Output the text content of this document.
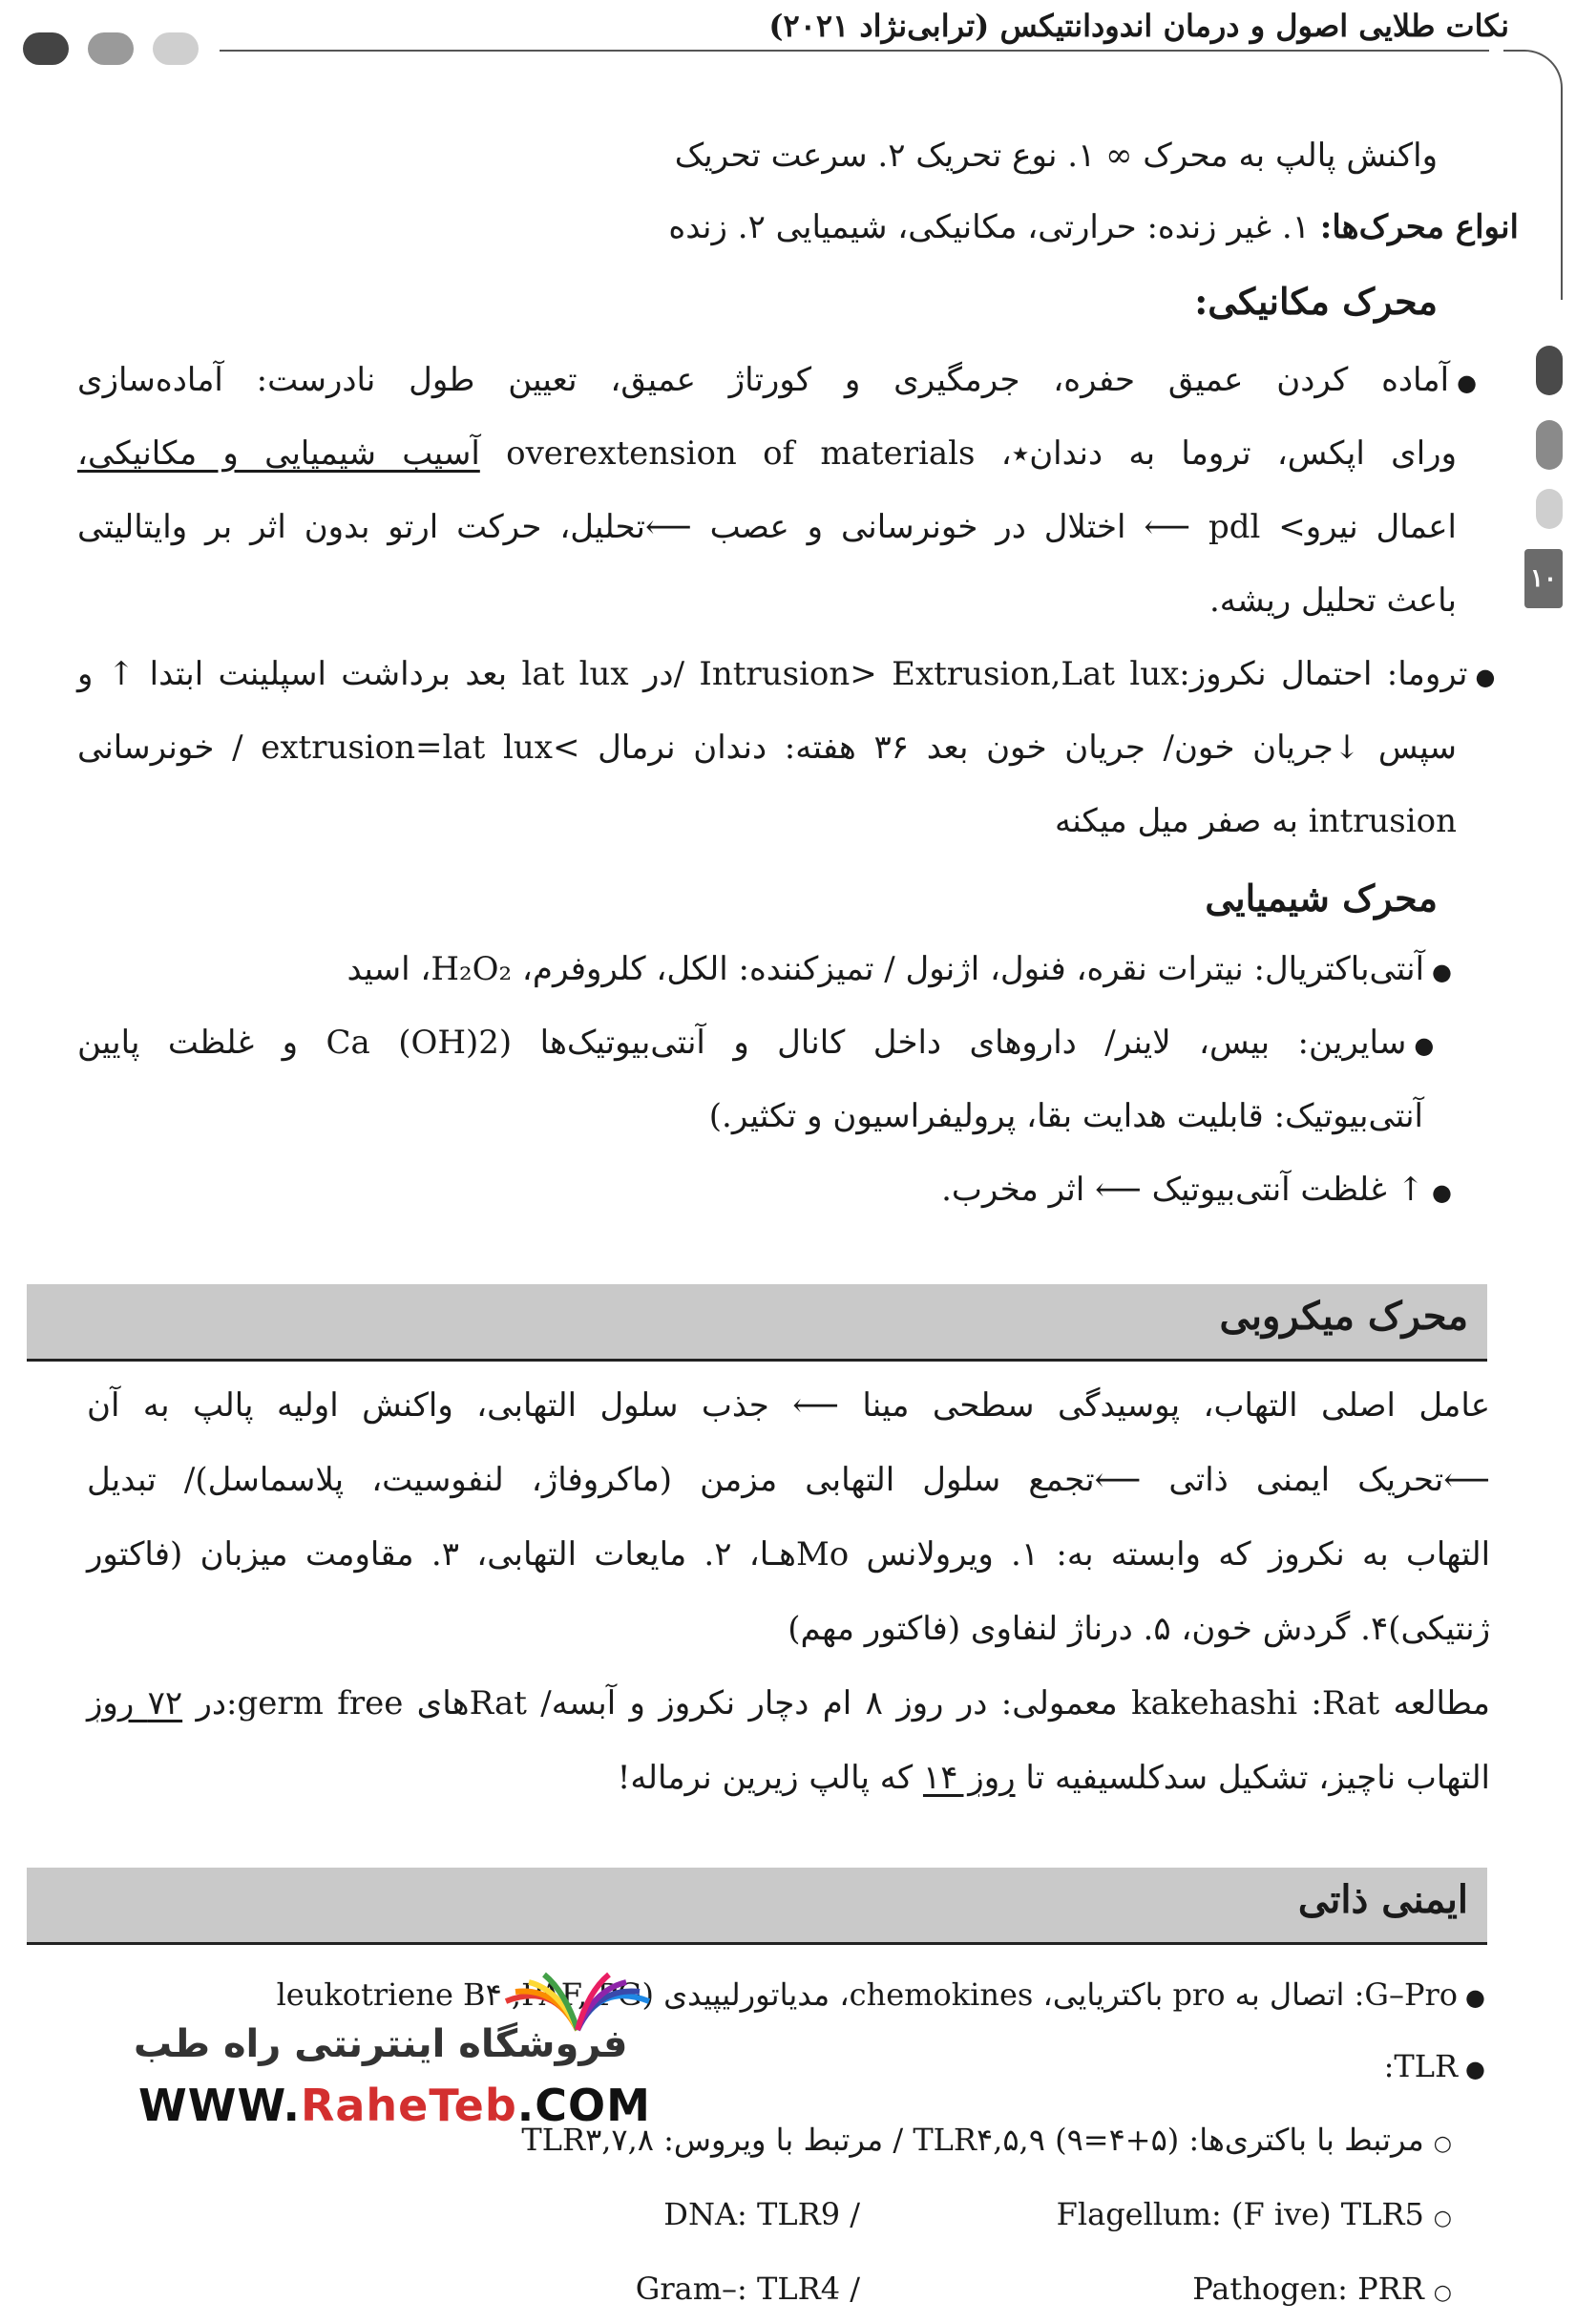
نکات طلایی اصول و درمان اندودانتیکس (ترابی‌نژاد ۲۰۲۱)
۱۰
واکنش پالپ به محرک ∞ ۱. نوع تحریک ۲. سرعت تحریک
انواع محرک‌ها: ۱. غیر زنده: حرارتی، مکانیکی، شیمیایی ۲. زنده
محرک مکانیکی:
●آماده کردن عمیق حفره، جرمگیری و کورتاژ عمیق، تعیین طول نادرست: آماده‌سازی
ورای اپکس، تروما به دندان٭، overextension of materials آسیب شیمیایی و مکانیکی،
اعمال نیرو> pdl ⟵ اختلال در خونرسانی و عصب ⟵تحلیل، حرکت ارتو بدون اثر بر وایتالیتی
باعث تحلیل ریشه.
●تروما: احتمال نکروز:Intrusion> Extrusion,Lat lux /در lat lux بعد برداشت اسپلینت ابتدا ↑ و
سپس ↓جریان خون/ جریان خون بعد ۳۶ هفته: دندان نرمال >extrusion=lat lux / خونرسانی
intrusion به صفر میل میکنه
محرک شیمیایی
●آنتی‌باکتریال: نیترات نقره، فنول، اژنول / تمیزکننده: الکل، کلروفرم، H₂O₂، اسید
●سایرین: بیس، لاینر/ داروهای داخل کانال و آنتی‌بیوتیک‌ها (Ca (OH)2 و غلظت پایین
آنتی‌بیوتیک: قابلیت هدایت بقا، پرولیفراسیون و تکثیر.)
●↑ غلظت آنتی‌بیوتیک ⟵ اثر مخرب.
محرک میکروبی
عامل اصلی التهاب، پوسیدگی سطحی مینا ⟵ جذب سلول التهابی، واکنش اولیه پالپ به آن
⟵تحریک ایمنی ذاتی ⟵تجمع سلول التهابی مزمن (ماکروفاژ، لنفوسیت، پلاسماسل)/ تبدیل
التهاب به نکروز که وابسته به: ۱. ویرولانس Moهـا، ۲. مایعات التهابی، ۳. مقاومت میزبان (فاکتور
ژنتیکی)۴. گردش خون، ۵. درناژ لنفاوی (فاکتور مهم)
مطالعه kakehashi :Rat معمولی: در روز ۸ ام دچار نکروز و آبسه/ Ratهای germ free:در ۷۲ روز
التهاب ناچیز، تشکیل سدکلسیفیه تا روز ۱۴ که پالپ زیرین نرماله!
ایمنی ذاتی
●G–Pro: اتصال به pro باکتریایی، chemokines، مدیاتورلیپیدی (leukotriene B۴ ,PAF, PG
●TLR:
○مرتبط با باکتری‌ها: TLR۴,۵,۹ (۹=۴+۵) / مرتبط با ویروس: TLR۳,۷,۸
○Flagellum: (F ive) TLR5
/ DNA: TLR9
○Pathogen: PRR
/ Gram–: TLR4
فروشگاه اینترنتی راه طب
WWW.RaheTeb.COM
